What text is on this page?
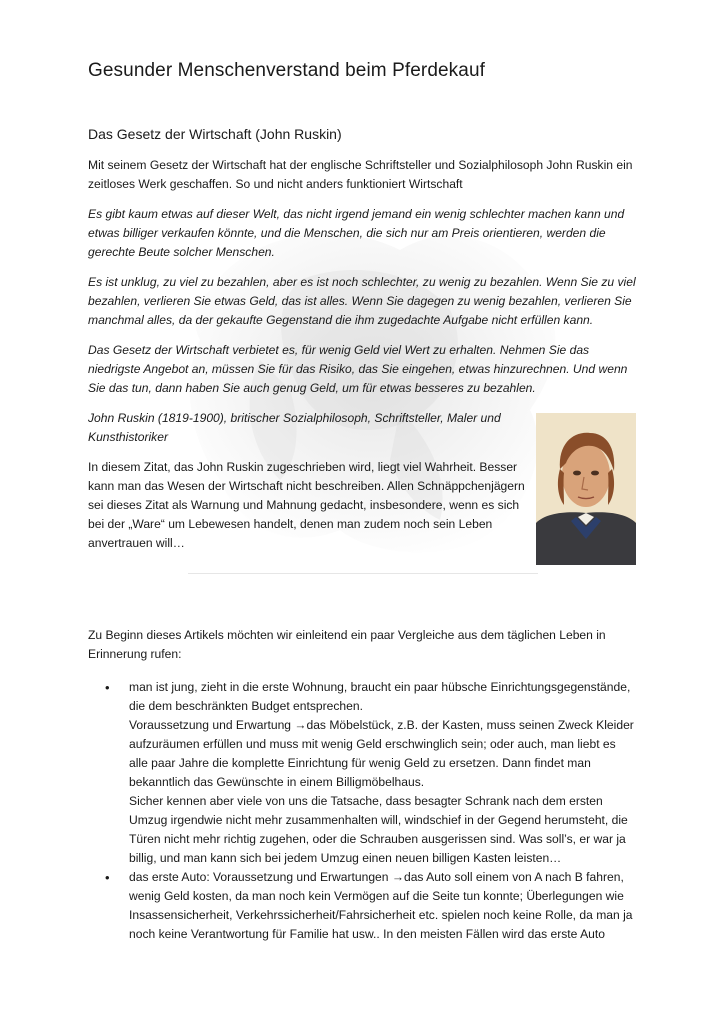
Gesunder Menschenverstand beim Pferdekauf
Das Gesetz der Wirtschaft (John Ruskin)

Mit seinem Gesetz der Wirtschaft hat der englische Schriftsteller und Sozialphilosoph John Ruskin ein zeitloses Werk geschaffen. So und nicht anders funktioniert Wirtschaft

Es gibt kaum etwas auf dieser Welt, das nicht irgend jemand ein wenig schlechter machen kann und etwas billiger verkaufen könnte, und die Menschen, die sich nur am Preis orientieren, werden die gerechte Beute solcher Menschen.

Es ist unklug, zu viel zu bezahlen, aber es ist noch schlechter, zu wenig zu bezahlen. Wenn Sie zu viel bezahlen, verlieren Sie etwas Geld, das ist alles. Wenn Sie dagegen zu wenig bezahlen, verlieren Sie manchmal alles, da der gekaufte Gegenstand die ihm zugedachte Aufgabe nicht erfüllen kann.

Das Gesetz der Wirtschaft verbietet es, für wenig Geld viel Wert zu erhalten. Nehmen Sie das niedrigste Angebot an, müssen Sie für das Risiko, das Sie eingehen, etwas hinzurechnen. Und wenn Sie das tun, dann haben Sie auch genug Geld, um für etwas besseres zu bezahlen.

John Ruskin (1819-1900), britischer Sozialphilosoph, Schriftsteller, Maler und Kunsthistoriker

In diesem Zitat, das John Ruskin zugeschrieben wird, liegt viel Wahrheit. Besser kann man das Wesen der Wirtschaft nicht beschreiben. Allen Schnäppchenjägern sei dieses Zitat als Warnung und Mahnung gedacht, insbesondere, wenn es sich bei der „Ware“ um Lebewesen handelt, denen man zudem noch sein Leben anvertrauen will…

Zu Beginn dieses Artikels möchten wir einleitend ein paar Vergleiche aus dem täglichen Leben in Erinnerung rufen:

• man ist jung, zieht in die erste Wohnung, braucht ein paar hübsche Einrichtungsgegenstände, die dem beschränkten Budget entsprechen.
Voraussetzung und Erwartung →das Möbelstück, z.B. der Kasten, muss seinen Zweck Kleider aufzuräumen erfüllen und muss mit wenig Geld erschwinglich sein; oder auch, man liebt es alle paar Jahre die komplette Einrichtung für wenig Geld zu ersetzen. Dann findet man bekanntlich das Gewünschte in einem Billigmöbelhaus.
Sicher kennen aber viele von uns die Tatsache, dass besagter Schrank nach dem ersten Umzug irgendwie nicht mehr zusammenhalten will, windschief in der Gegend herumsteht, die Türen nicht mehr richtig zugehen, oder die Schrauben ausgerissen sind. Was soll’s, er war ja billig, und man kann sich bei jedem Umzug einen neuen billigen Kasten leisten…
• das erste Auto: Voraussetzung und Erwartungen →das Auto soll einem von A nach B fahren, wenig Geld kosten, da man noch kein Vermögen auf die Seite tun konnte; Überlegungen wie Insassensicherheit, Verkehrssicherheit/Fahrsicherheit etc. spielen noch keine Rolle, da man ja noch keine Verantwortung für Familie hat usw.. In den meisten Fällen wird das erste Auto
